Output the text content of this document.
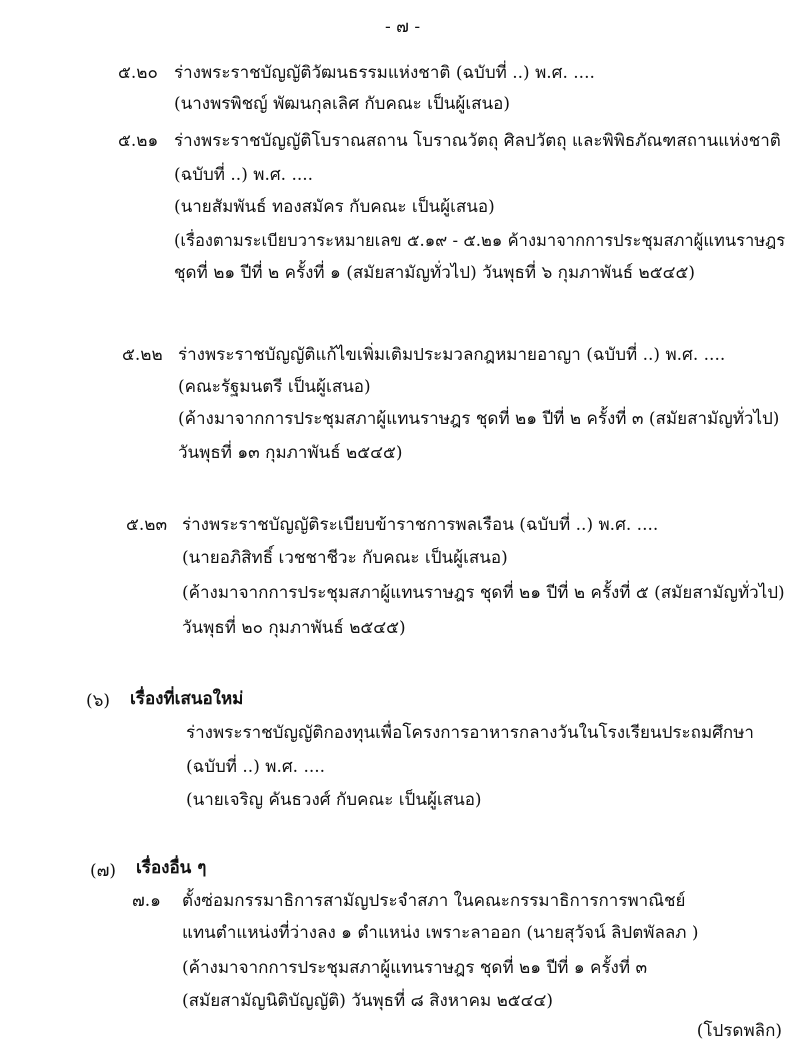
- ๗ -
๕.๒๐ ร่างพระราชบัญญัติวัฒนธรรมแห่งชาติ (ฉบับที่ ..) พ.ศ. ....
(นางพรพิชญ์ พัฒนกุลเลิศ กับคณะ เป็นผู้เสนอ)
๕.๒๑ ร่างพระราชบัญญัติโบราณสถาน โบราณวัตถุ ศิลปวัตถุ และพิพิธภัณฑสถานแห่งชาติ
(ฉบับที่ ..) พ.ศ. ....
(นายสัมพันธ์ ทองสมัคร กับคณะ เป็นผู้เสนอ)
(เรื่องตามระเบียบวาระหมายเลข ๕.๑๙ - ๕.๒๑ ค้างมาจากการประชุมสภาผู้แทนราษฎร
ชุดที่ ๒๑ ปีที่ ๒ ครั้งที่ ๑ (สมัยสามัญทั่วไป) วันพุธที่ ๖ กุมภาพันธ์ ๒๕๔๕)
๕.๒๒ ร่างพระราชบัญญัติแก้ไขเพิ่มเติมประมวลกฎหมายอาญา (ฉบับที่ ..) พ.ศ. ....
(คณะรัฐมนตรี เป็นผู้เสนอ)
(ค้างมาจากการประชุมสภาผู้แทนราษฎร ชุดที่ ๒๑ ปีที่ ๒ ครั้งที่ ๓ (สมัยสามัญทั่วไป)
วันพุธที่ ๑๓ กุมภาพันธ์ ๒๕๔๕)
๕.๒๓ ร่างพระราชบัญญัติระเบียบข้าราชการพลเรือน (ฉบับที่ ..) พ.ศ. ....
(นายอภิสิทธิ์ เวชชาชีวะ กับคณะ เป็นผู้เสนอ)
(ค้างมาจากการประชุมสภาผู้แทนราษฎร ชุดที่ ๒๑ ปีที่ ๒ ครั้งที่ ๕ (สมัยสามัญทั่วไป)
วันพุธที่ ๒๐ กุมภาพันธ์ ๒๕๔๕)
(๖) เรื่องที่เสนอใหม่
ร่างพระราชบัญญัติกองทุนเพื่อโครงการอาหารกลางวันในโรงเรียนประถมศึกษา
(ฉบับที่ ..) พ.ศ. ....
(นายเจริญ คันธวงศ์ กับคณะ เป็นผู้เสนอ)
(๗) เรื่องอื่น ๆ
๗.๑ ตั้งซ่อมกรรมาธิการสามัญประจำสภา ในคณะกรรมาธิการการพาณิชย์
แทนตำแหน่งที่ว่างลง ๑ ตำแหน่ง เพราะลาออก (นายสุวัจน์ ลิปตพัลลภ )
(ค้างมาจากการประชุมสภาผู้แทนราษฎร ชุดที่ ๒๑ ปีที่ ๑ ครั้งที่ ๓
(สมัยสามัญนิติบัญญัติ) วันพุธที่ ๘ สิงหาคม ๒๕๔๔)
(โปรดพลิก)
